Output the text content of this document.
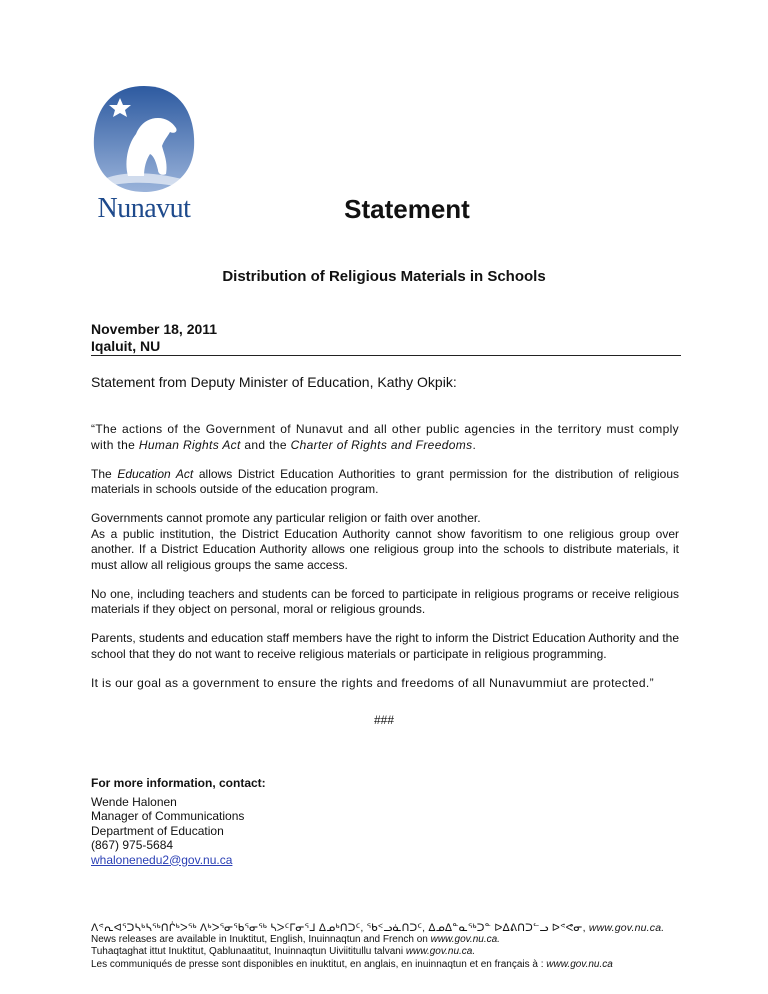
Nunavut	Statement
Distribution of Religious Materials in Schools
November 18, 2011
Iqaluit, NU
Statement from Deputy Minister of Education, Kathy Okpik:

“The actions of the Government of Nunavut and all other public agencies in the territory must comply with the Human Rights Act and the Charter of Rights and Freedoms.

The Education Act allows District Education Authorities to grant permission for the distribution of religious materials in schools outside of the education program.

Governments cannot promote any particular religion or faith over another.
As a public institution, the District Education Authority cannot show favoritism to one religious group over another. If a District Education Authority allows one religious group into the schools to distribute materials, it must allow all religious groups the same access.

No one, including teachers and students can be forced to participate in religious programs or receive religious materials if they object on personal, moral or religious grounds.

Parents, students and education staff members have the right to inform the District Education Authority and the school that they do not want to receive religious materials or participate in religious programming.

It is our goal as a government to ensure the rights and freedoms of all Nunavummiut are protected.”

###
For more information, contact:
Wende Halonen
Manager of Communications
Department of Education
(867) 975-5684
whalonenedu2@gov.nu.ca
ᐱᕝᕆᐊᕐᑐᓴᒃᓴᖅᑎᒌᒃᐳᖅ ᐱᒃᐳᕐᓂᖃᕐᓂᖅ ᓴᐳᑦᒥᓂᕐᒧ ᐃᓄᒃᑎᑐᑦ, ᖃᑉᓗᓈᑎᑐᑦ, ᐃᓄᐃᓐᓇᖅᑐᓐ ᐅᐃᕕᑎᑐᓪᓗ ᐅᕝᕙᓂ, www.gov.nu.ca.
News releases are available in Inuktitut, English, Inuinnaqtun and French on www.gov.nu.ca.
Tuhaqtaghat ittut Inuktitut, Qablunaatitut, Inuinnaqtun Uiviititullu talvani www.gov.nu.ca.
Les communiqués de presse sont disponibles en inuktitut, en anglais, en inuinnaqtun et en français à : www.gov.nu.ca
